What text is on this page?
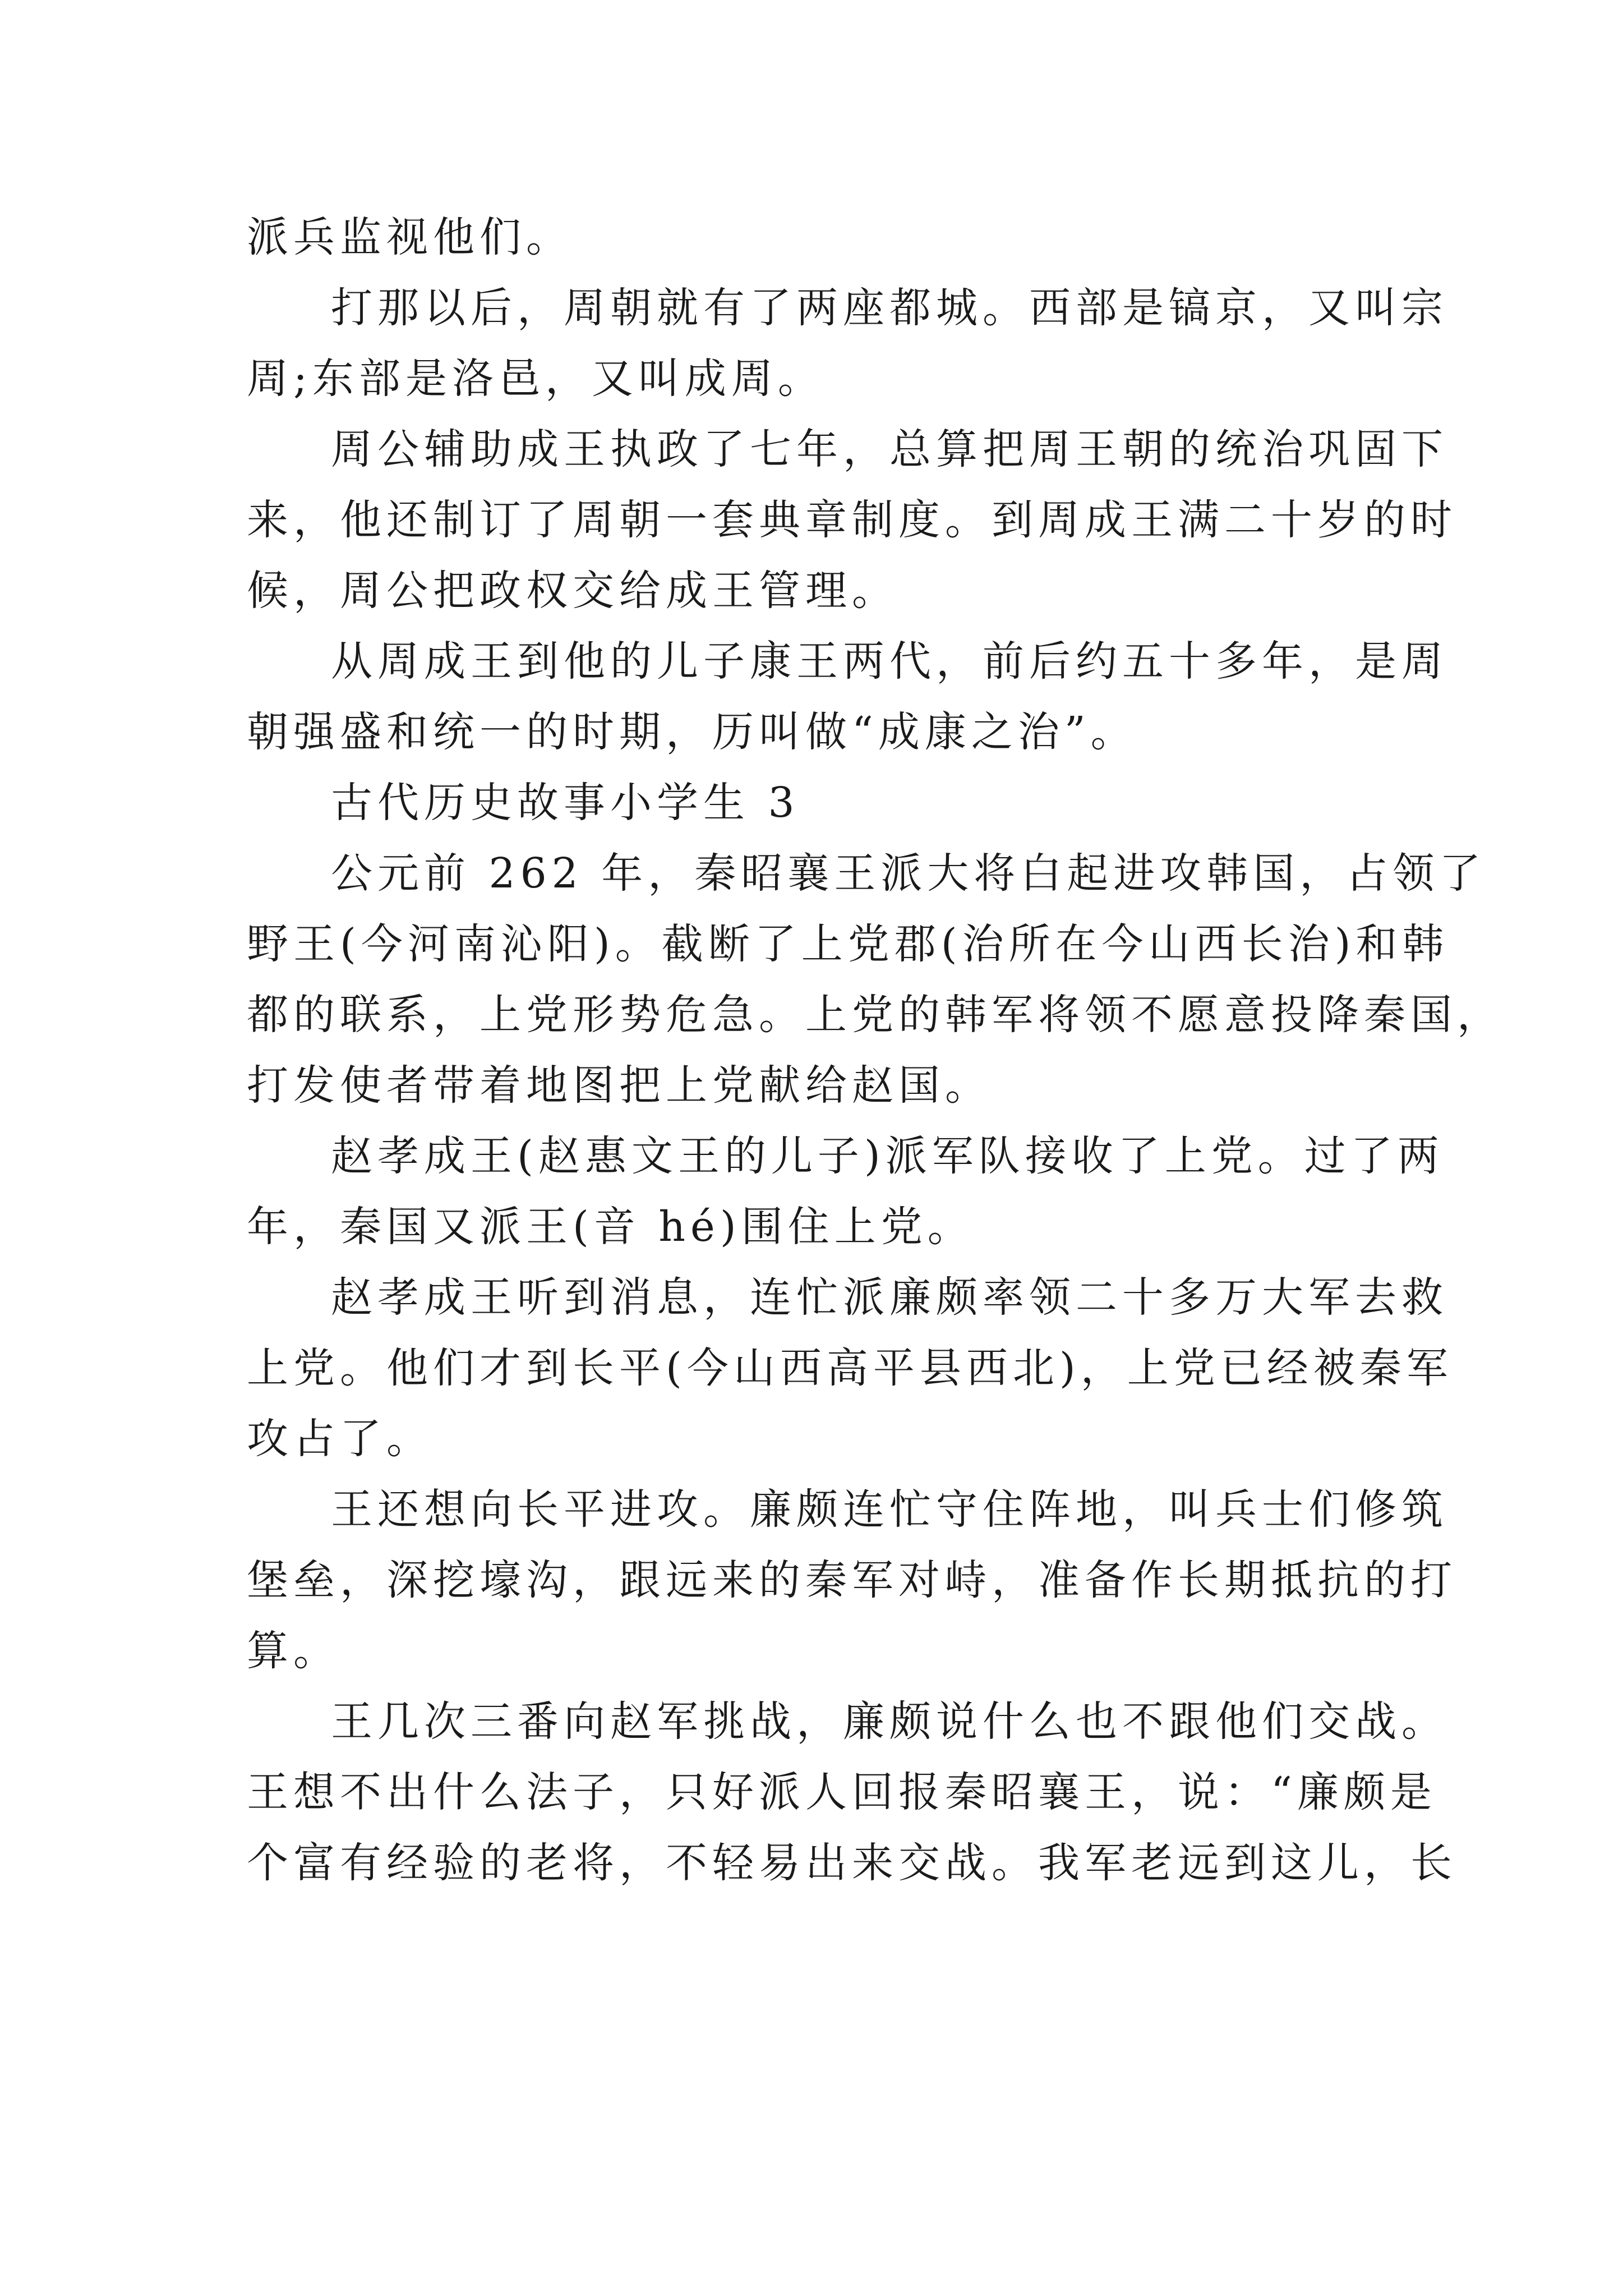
派兵监视他们。
打那以后，周朝就有了两座都城。西部是镐京，又叫宗
周;东部是洛邑，又叫成周。
周公辅助成王执政了七年，总算把周王朝的统治巩固下
来，他还制订了周朝一套典章制度。到周成王满二十岁的时
候，周公把政权交给成王管理。
从周成王到他的儿子康王两代，前后约五十多年，是周
朝强盛和统一的时期，历叫做“成康之治”。
古代历史故事小学生 3
公元前 262 年，秦昭襄王派大将白起进攻韩国，占领了
野王(今河南沁阳)。截断了上党郡(治所在今山西长治)和韩
都的联系，上党形势危急。上党的韩军将领不愿意投降秦国，
打发使者带着地图把上党献给赵国。
赵孝成王(赵惠文王的儿子)派军队接收了上党。过了两
年，秦国又派王(音 hé)围住上党。
赵孝成王听到消息，连忙派廉颇率领二十多万大军去救
上党。他们才到长平(今山西高平县西北)，上党已经被秦军
攻占了。
王还想向长平进攻。廉颇连忙守住阵地，叫兵士们修筑
堡垒，深挖壕沟，跟远来的秦军对峙，准备作长期抵抗的打
算。
王几次三番向赵军挑战，廉颇说什么也不跟他们交战。
王想不出什么法子，只好派人回报秦昭襄王，说：“廉颇是
个富有经验的老将，不轻易出来交战。我军老远到这儿，长
